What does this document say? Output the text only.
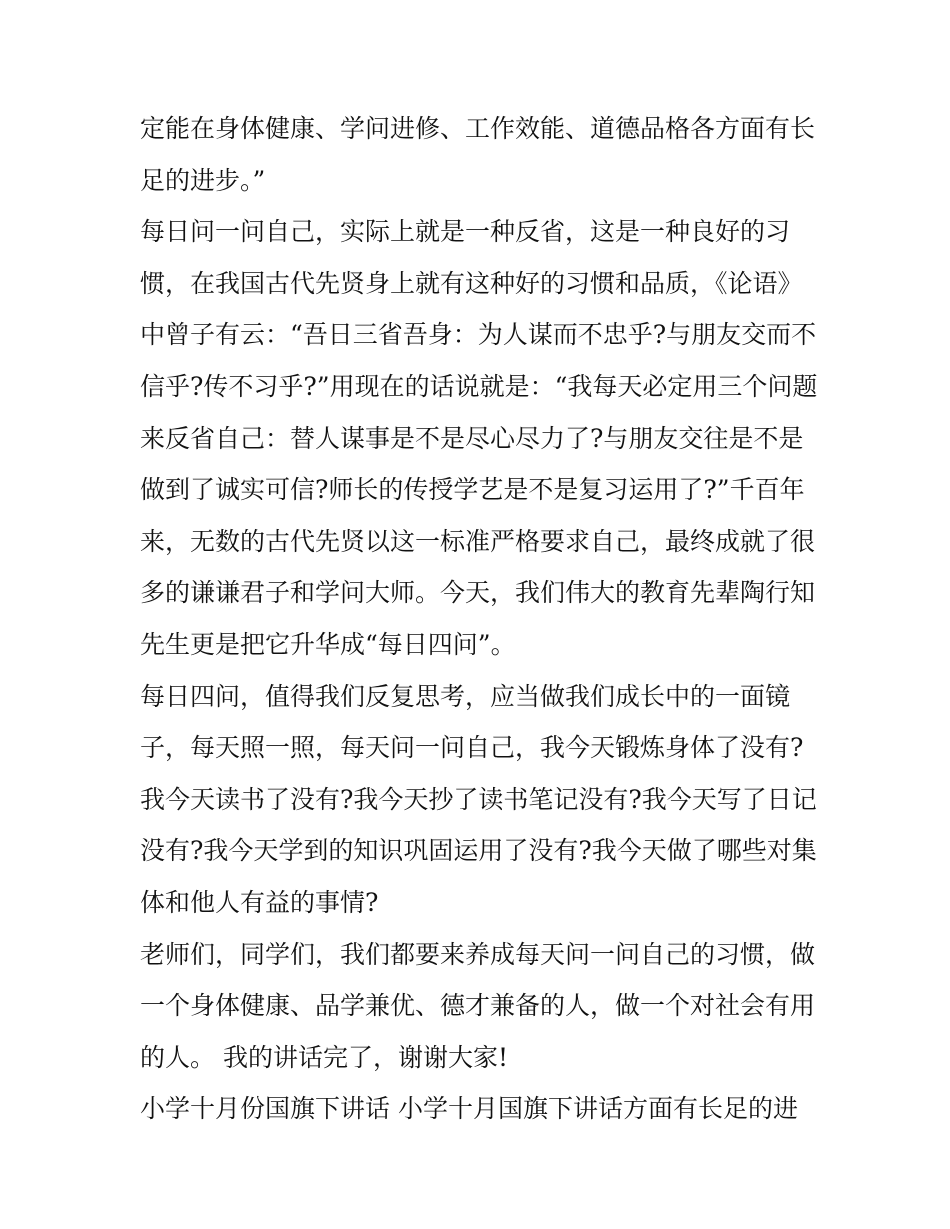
定能在身体健康、学问进修、工作效能、道德品格各方面有长
足的进步。”
每日问一问自己，实际上就是一种反省，这是一种良好的习
惯，在我国古代先贤身上就有这种好的习惯和品质，《论语》
中曾子有云：“吾日三省吾身：为人谋而不忠乎?与朋友交而不
信乎?传不习乎?”用现在的话说就是：“我每天必定用三个问题
来反省自己：替人谋事是不是尽心尽力了?与朋友交往是不是
做到了诚实可信?师长的传授学艺是不是复习运用了?”千百年
来，无数的古代先贤以这一标准严格要求自己，最终成就了很
多的谦谦君子和学问大师。今天，我们伟大的教育先辈陶行知
先生更是把它升华成“每日四问”。
每日四问，值得我们反复思考，应当做我们成长中的一面镜
子，每天照一照，每天问一问自己，我今天锻炼身体了没有?
我今天读书了没有?我今天抄了读书笔记没有?我今天写了日记
没有?我今天学到的知识巩固运用了没有?我今天做了哪些对集
体和他人有益的事情?
老师们，同学们，我们都要来养成每天问一问自己的习惯，做
一个身体健康、品学兼优、德才兼备的人，做一个对社会有用
的人。 我的讲话完了，谢谢大家!
小学十月份国旗下讲话 小学十月国旗下讲话方面有长足的进
